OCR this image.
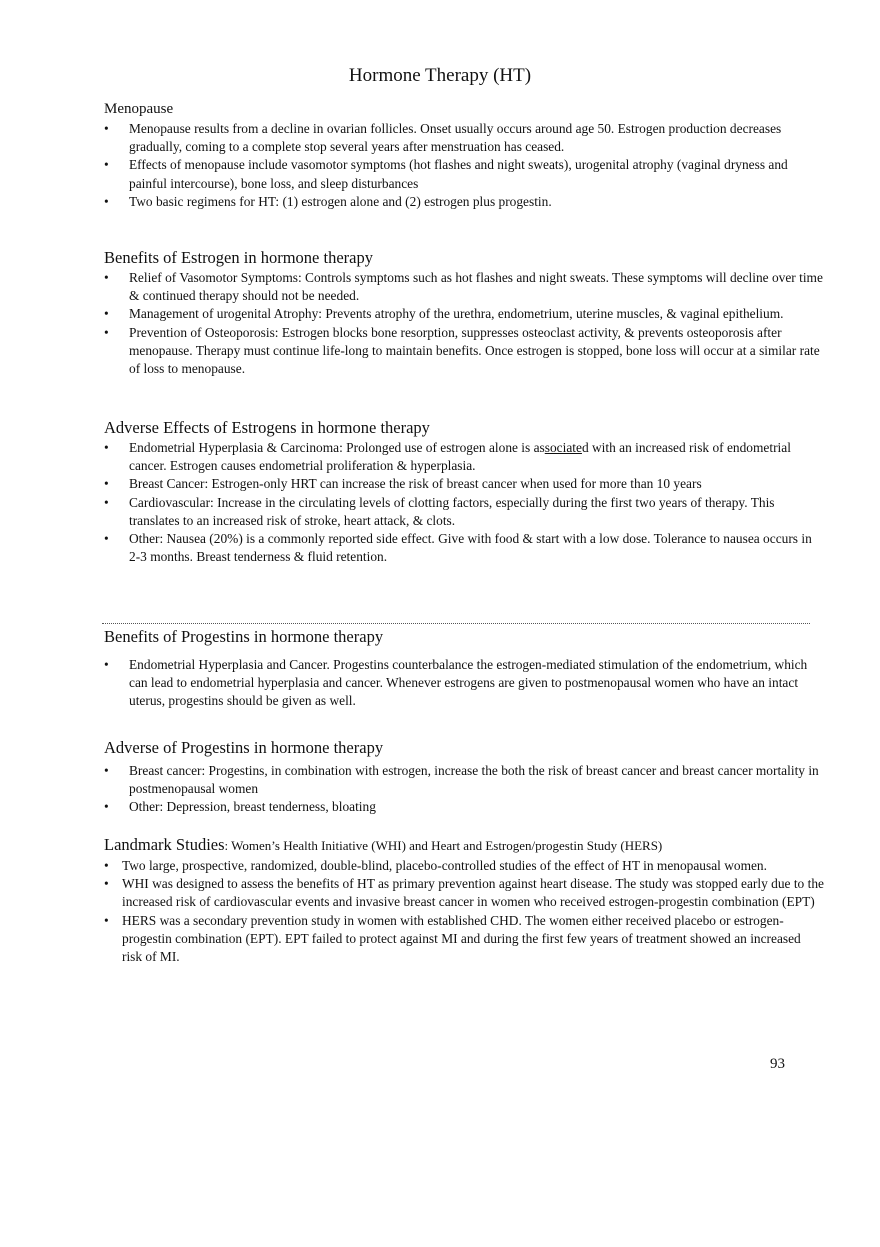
Hormone Therapy (HT)
Menopause
• Menopause results from a decline in ovarian follicles. Onset usually occurs around age 50. Estrogen production decreases gradually, coming to a complete stop several years after menstruation has ceased.
• Effects of menopause include vasomotor symptoms (hot flashes and night sweats), urogenital atrophy (vaginal dryness and painful intercourse), bone loss, and sleep disturbances
• Two basic regimens for HT: (1) estrogen alone and (2) estrogen plus progestin.
Benefits of Estrogen in hormone therapy
• Relief of Vasomotor Symptoms: Controls symptoms such as hot flashes and night sweats. These symptoms will decline over time & continued therapy should not be needed.
• Management of urogenital Atrophy: Prevents atrophy of the urethra, endometrium, uterine muscles, & vaginal epithelium.
• Prevention of Osteoporosis: Estrogen blocks bone resorption, suppresses osteoclast activity, & prevents osteoporosis after menopause. Therapy must continue life-long to maintain benefits. Once estrogen is stopped, bone loss will occur at a similar rate of loss to menopause.
Adverse Effects of Estrogens in hormone therapy
• Endometrial Hyperplasia & Carcinoma: Prolonged use of estrogen alone is associated with an increased risk of endometrial cancer. Estrogen causes endometrial proliferation & hyperplasia.
• Breast Cancer: Estrogen-only HRT can increase the risk of breast cancer when used for more than 10 years
• Cardiovascular: Increase in the circulating levels of clotting factors, especially during the first two years of therapy. This translates to an increased risk of stroke, heart attack, & clots.
• Other: Nausea (20%) is a commonly reported side effect. Give with food & start with a low dose. Tolerance to nausea occurs in 2-3 months. Breast tenderness & fluid retention.
Benefits of Progestins in hormone therapy
• Endometrial Hyperplasia and Cancer. Progestins counterbalance the estrogen-mediated stimulation of the endometrium, which can lead to endometrial hyperplasia and cancer. Whenever estrogens are given to postmenopausal women who have an intact uterus, progestins should be given as well.
Adverse of Progestins in hormone therapy
• Breast cancer: Progestins, in combination with estrogen, increase the both the risk of breast cancer and breast cancer mortality in postmenopausal women
• Other: Depression, breast tenderness, bloating
Landmark Studies: Women’s Health Initiative (WHI) and Heart and Estrogen/progestin Study (HERS)
• Two large, prospective, randomized, double-blind, placebo-controlled studies of the effect of HT in menopausal women.
• WHI was designed to assess the benefits of HT as primary prevention against heart disease. The study was stopped early due to the increased risk of cardiovascular events and invasive breast cancer in women who received estrogen-progestin combination (EPT)
• HERS was a secondary prevention study in women with established CHD. The women either received placebo or estrogen-progestin combination (EPT). EPT failed to protect against MI and during the first few years of treatment showed an increased risk of MI.
93
